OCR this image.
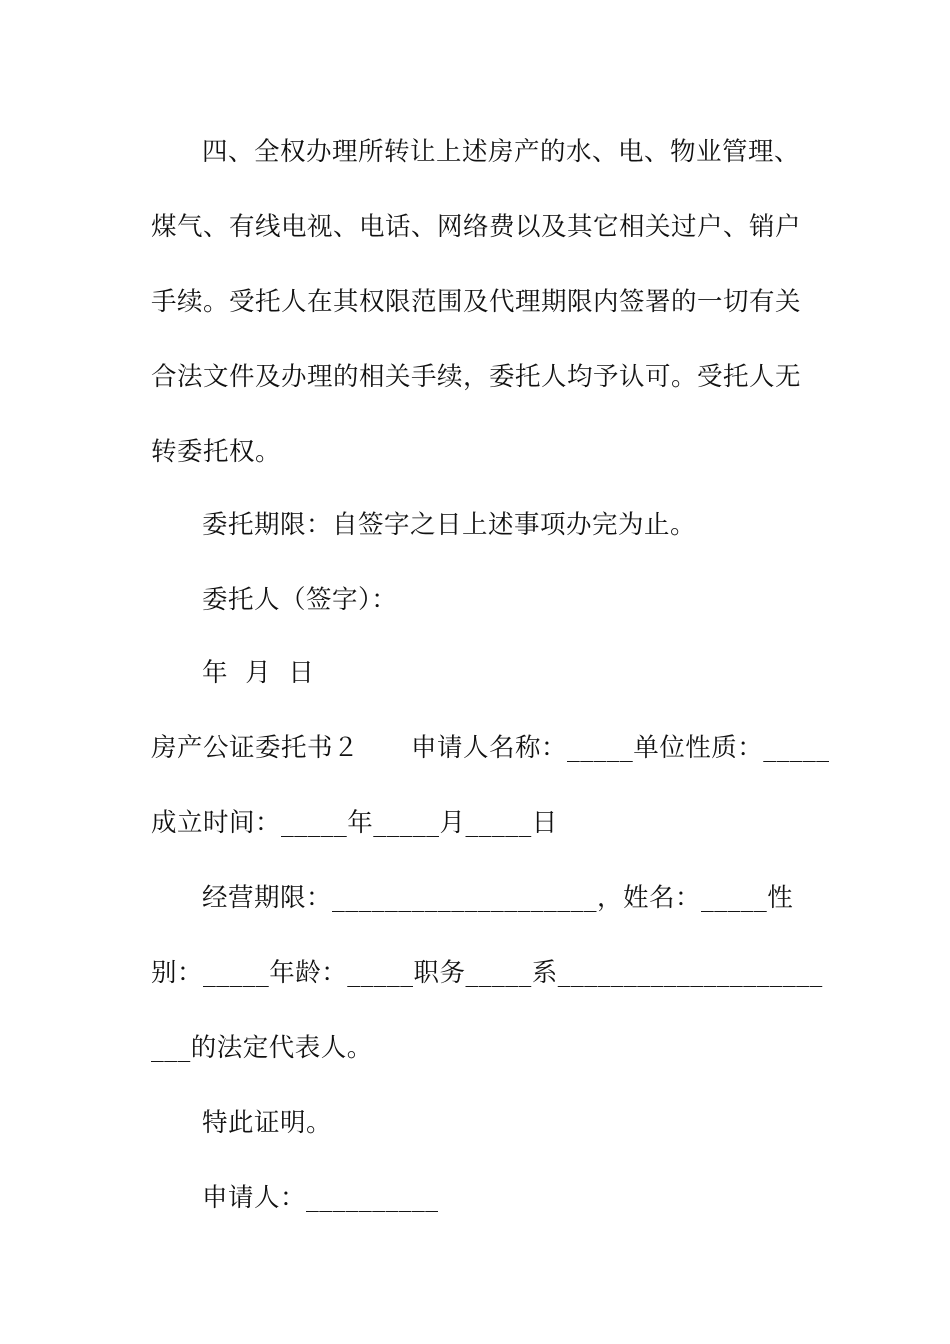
四、全权办理所转让上述房产的水、电、物业管理、
煤气、有线电视、电话、网络费以及其它相关过户、销户
手续。受托人在其权限范围及代理期限内签署的一切有关
合法文件及办理的相关手续，委托人均予认可。受托人无
转委托权。
委托期限：自签字之日上述事项办完为止。
委托人（签字）：
年  月  日
房产公证委托书２　　申请人名称：_____单位性质：_____
成立时间：_____年_____月_____日
经营期限：____________________，姓名：_____性
别：_____年龄：_____职务_____系____________________
___的法定代表人。
特此证明。
申请人：__________
